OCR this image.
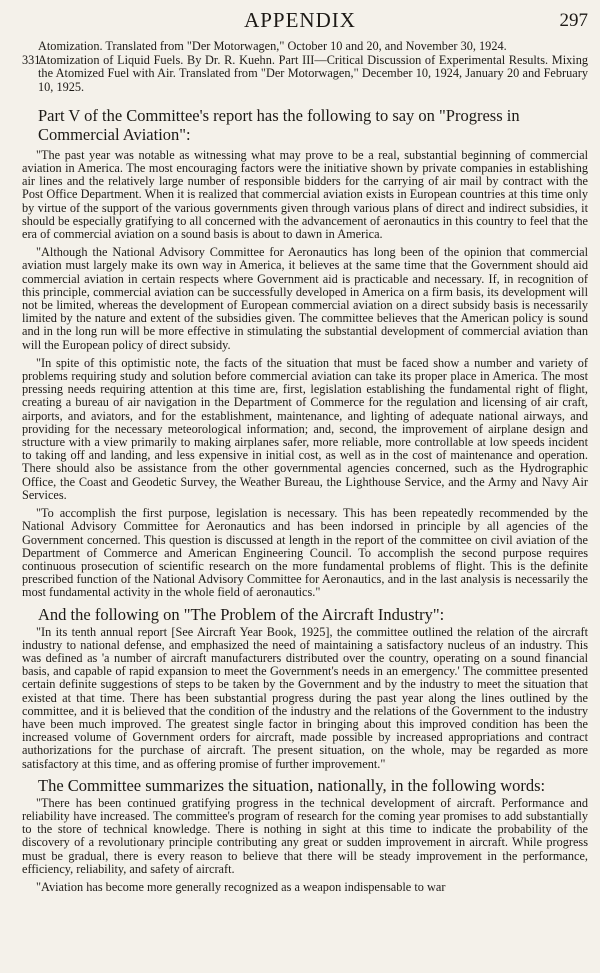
APPENDIX	297

Atomization. Translated from "Der Motorwagen," October 10 and 20, and November 30, 1924.

331.Atomization of Liquid Fuels. By Dr. R. Kuehn. Part III—Critical Discussion of Experimental Results. Mixing the Atomized Fuel with Air. Translated from "Der Motorwagen," December 10, 1924, January 20 and February 10, 1925.

Part V of the Committee's report has the following to say on "Progress in Commercial Aviation":

"The past year was notable as witnessing what may prove to be a real, substantial beginning of commercial aviation in America. The most encouraging factors were the initiative shown by private companies in establishing air lines and the relatively large number of responsible bidders for the carrying of air mail by contract with the Post Office Department. When it is realized that commercial aviation exists in European countries at this time only by virtue of the support of the various governments given through various plans of direct and indirect subsidies, it should be especially gratifying to all concerned with the advancement of aeronautics in this country to feel that the era of commercial aviation on a sound basis is about to dawn in America.

"Although the National Advisory Committee for Aeronautics has long been of the opinion that commercial aviation must largely make its own way in America, it believes at the same time that the Government should aid commercial aviation in certain respects where Government aid is practicable and necessary. If, in recognition of this principle, commercial aviation can be successfully developed in America on a firm basis, its development will not be limited, whereas the development of European commercial aviation on a direct subsidy basis is necessarily limited by the nature and extent of the subsidies given. The committee believes that the American policy is sound and in the long run will be more effective in stimulating the substantial development of commercial aviation than will the European policy of direct subsidy.

"In spite of this optimistic note, the facts of the situation that must be faced show a number and variety of problems requiring study and solution before commercial aviation can take its proper place in America. The most pressing needs requiring attention at this time are, first, legislation establishing the fundamental right of flight, creating a bureau of air navigation in the Department of Commerce for the regulation and licensing of air craft, airports, and aviators, and for the establishment, maintenance, and lighting of adequate national airways, and providing for the necessary meteorological information; and, second, the improvement of airplane design and structure with a view primarily to making airplanes safer, more reliable, more controllable at low speeds incident to taking off and landing, and less expensive in initial cost, as well as in the cost of maintenance and operation. There should also be assistance from the other governmental agencies concerned, such as the Hydrographic Office, the Coast and Geodetic Survey, the Weather Bureau, the Lighthouse Service, and the Army and Navy Air Services.

"To accomplish the first purpose, legislation is necessary. This has been repeatedly recommended by the National Advisory Committee for Aeronautics and has been indorsed in principle by all agencies of the Government concerned. This question is discussed at length in the report of the committee on civil aviation of the Department of Commerce and American Engineering Council. To accomplish the second purpose requires continuous prosecution of scientific research on the more fundamental problems of flight. This is the definite prescribed function of the National Advisory Committee for Aeronautics, and in the last analysis is necessarily the most fundamental activity in the whole field of aeronautics."

And the following on "The Problem of the Aircraft Industry":

"In its tenth annual report [See Aircraft Year Book, 1925], the committee outlined the relation of the aircraft industry to national defense, and emphasized the need of maintaining a satisfactory nucleus of an industry. This was defined as 'a number of aircraft manufacturers distributed over the country, operating on a sound financial basis, and capable of rapid expansion to meet the Government's needs in an emergency.' The committee presented certain definite suggestions of steps to be taken by the Government and by the industry to meet the situation that existed at that time. There has been substantial progress during the past year along the lines outlined by the committee, and it is believed that the condition of the industry and the relations of the Government to the industry have been much improved. The greatest single factor in bringing about this improved condition has been the increased volume of Government orders for aircraft, made possible by increased appropriations and contract authorizations for the purchase of aircraft. The present situation, on the whole, may be regarded as more satisfactory at this time, and as offering promise of further improvement."

The Committee summarizes the situation, nationally, in the following words:

"There has been continued gratifying progress in the technical development of aircraft. Performance and reliability have increased. The committee's program of research for the coming year promises to add substantially to the store of technical knowledge. There is nothing in sight at this time to indicate the probability of the discovery of a revolutionary principle contributing any great or sudden improvement in aircraft. While progress must be gradual, there is every reason to believe that there will be steady improvement in the performance, efficiency, reliability, and safety of aircraft.

"Aviation has become more generally recognized as a weapon indispensable to war
